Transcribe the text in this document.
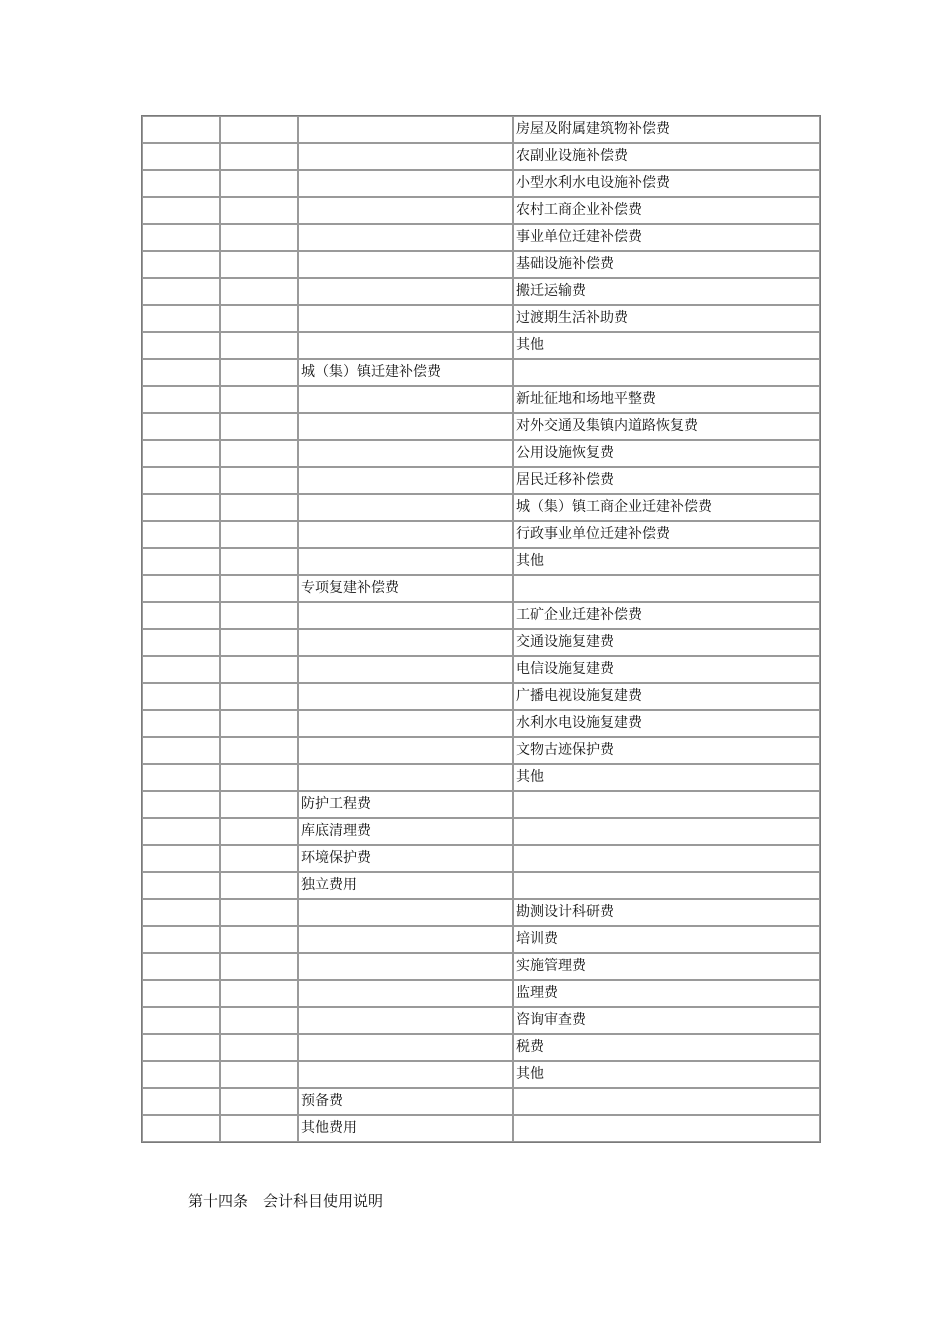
			房屋及附属建筑物补偿费
			农副业设施补偿费
			小型水利水电设施补偿费
			农村工商企业补偿费
			事业单位迁建补偿费
			基础设施补偿费
			搬迁运输费
			过渡期生活补助费
			其他
		城（集）镇迁建补偿费	
			新址征地和场地平整费
			对外交通及集镇内道路恢复费
			公用设施恢复费
			居民迁移补偿费
			城（集）镇工商企业迁建补偿费
			行政事业单位迁建补偿费
			其他
		专项复建补偿费	
			工矿企业迁建补偿费
			交通设施复建费
			电信设施复建费
			广播电视设施复建费
			水利水电设施复建费
			文物古迹保护费
			其他
		防护工程费	
		库底清理费	
		环境保护费	
		独立费用	
			勘测设计科研费
			培训费
			实施管理费
			监理费
			咨询审查费
			税费
			其他
		预备费	
		其他费用	
第十四条　会计科目使用说明
